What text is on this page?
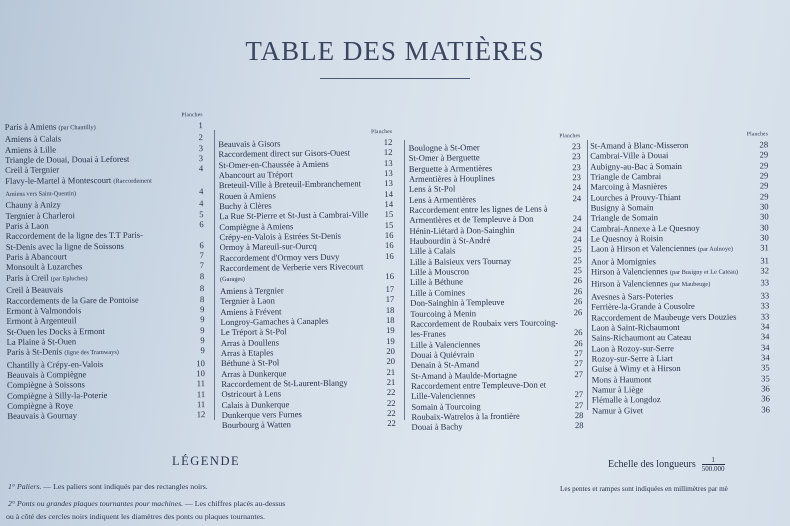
TABLE DES MATIÈRES
Planches
Paris à Amiens (par Chantilly)	1
Amiens à Calais	2
Amiens à Lille	3
Triangle de Douai, Douai à Leforest	3
Creil à Tergnier	4
Flavy-le-Martel à Montescourt (Raccordement
Amiens vers Saint-Quentin)	4
Chauny à Anizy	4
Tergnier à Charleroi	5
Paris à Laon	6
Raccordement de la ligne des T.T Paris-
St-Denis avec la ligne de Soissons	6
Paris à Abancourt	7
Monsoult à Luzarches	7
Paris à Creil (par Epluches)	8
Creil à Beauvais	8
Raccordements de la Gare de Pontoise	8
Ermont à Valmondois	9
Ermont à Argenteuil	9
St-Ouen les Docks à Ermont	9
La Plaine à St-Ouen	9
Paris à St-Denis (ligne des Tramways)	9
Chantilly à Crépy-en-Valois	10
Beauvais à Compiègne	10
Compiègne à Soissons	11
Compiègne à Silly-la-Poterie	11
Compiègne à Roye	11
Beauvais à Gournay	12
Planches
Beauvais à Gisors	12
Raccordement direct sur Gisors-Ouest	12
St-Omer-en-Chaussée à Amiens	13
Abancourt au Tréport	13
Breteuil-Ville à Breteuil-Embranchement	13
Rouen à Amiens	14
Buchy à Clères	14
La Rue St-Pierre et St-Just à Cambrai-Ville	15
Compiègne à Amiens	15
Crépy-en-Valois à Estrées St-Denis	16
Ormoy à Mareuil-sur-Ourcq	16
Raccordement d'Ormoy vers Duvy	16
Raccordement de Verberie vers Rivecourt
(Garages)	16
Amiens à Tergnier	17
Tergnier à Laon	17
Amiens à Frévent	18
Longroy-Gamaches à Canaples	18
Le Tréport à St-Pol	19
Arras à Doullens	19
Arras à Etaples	20
Béthune à St-Pol	20
Arras à Dunkerque	21
Raccordement de St-Laurent-Blangy	21
Ostricourt à Lens	22
Calais à Dunkerque	22
Dunkerque vers Furnes	22
Bourbourg à Watten	22
Planches
Boulogne à St-Omer	23
St-Omer à Berguette	23
Berguette à Armentières	23
Armentières à Houplines	23
Lens à St-Pol	24
Lens à Armentières	24
Raccordement entre les lignes de Lens à
Armentières et de Templeuve à Don	24
Hénin-Liétard à Don-Sainghin	24
Haubourdin à St-André	24
Lille à Calais	25
Lille à Baisieux vers Tournay	25
Lille à Mouscron	25
Lille à Béthune	26
Lille à Comines	26
Don-Sainghin à Templeuve	26
Tourcoing à Menin	26
Raccordement de Roubaix vers Tourcoing-
les-Franes	26
Lille à Valenciennes	26
Douai à Quiévrain	27
Denain à St-Amand	27
St-Amand à Maulde-Mortagne	27
Raccordement entre Templeuve-Don et
Lille-Valenciennes	27
Somain à Tourcoing	27
Roubaix-Watrelos à la frontière	28
Douai à Bachy	28
Planches
St-Amand à Blanc-Misseron	28
Cambrai-Ville à Douai	29
Aubigny-au-Bac à Somain	29
Triangle de Cambrai	29
Marcoing à Masnières	29
Lourches à Prouvy-Thiant	29
Busigny à Somain	30
Triangle de Somain	30
Cambrai-Annexe à Le Quesnoy	30
Le Quesnoy à Roisin	30
Laon à Hirson et Valenciennes (par Aulnoye)	31
Anor à Momignies	31
Hirson à Valenciennes (par Busigny et Le Cateau)	32
Hirson à Valenciennes (par Maubeuge)	33
Avesnes à Sars-Poteries	33
Ferrière-la-Grande à Cousolre	33
Raccordement de Maubeuge vers Douzies	33
Laon à Saint-Richaumont	34
Sains-Richaumont au Cateau	34
Laon à Rozoy-sur-Serre	34
Rozoy-sur-Serre à Liart	34
Guise à Wimy et à Hirson	35
Mons à Haumont	35
Namur à Liège	36
Flémalle à Longdoz	36
Namur à Givet	36
LÉGENDE
1° Paliers. — Les paliers sont indiqués par des rectangles noirs.
2° Ponts ou grandes plaques tournantes pour machines. — Les chiffres placés au-dessus
ou à côté des cercles noirs indiquent les diamètres des ponts ou plaques tournantes.
Echelle des longueurs $\frac{1}{500.000}$
Les pentes et rampes sont indiquées en millimètres par mè
